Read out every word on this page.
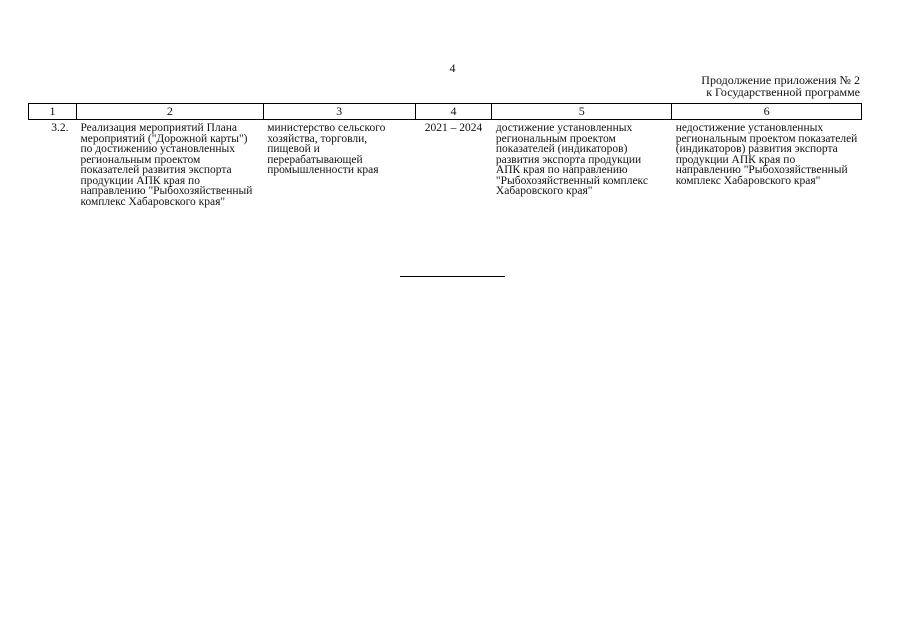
4
Продолжение приложения № 2
к Государственной программе
1	2	3	4	5	6
3.2.	Реализация мероприятий Плана мероприятий ("Дорожной карты") по достижению установленных региональным проектом показателей развития экспорта продукции АПК края по направлению "Рыбохозяйственный комплекс Хабаровского края"	министерство сельского хозяйства, торговли, пищевой и перерабатывающей промышленности края	2021 – 2024	достижение установленных региональным проектом показателей (индикаторов) развития экспорта продукции АПК края по направлению "Рыбохозяйственный комплекс Хабаровского края"	недостижение установленных региональным проектом показателей (индикаторов) развития экспорта продукции АПК края по направлению "Рыбохозяйственный комплекс Хабаровского края"
